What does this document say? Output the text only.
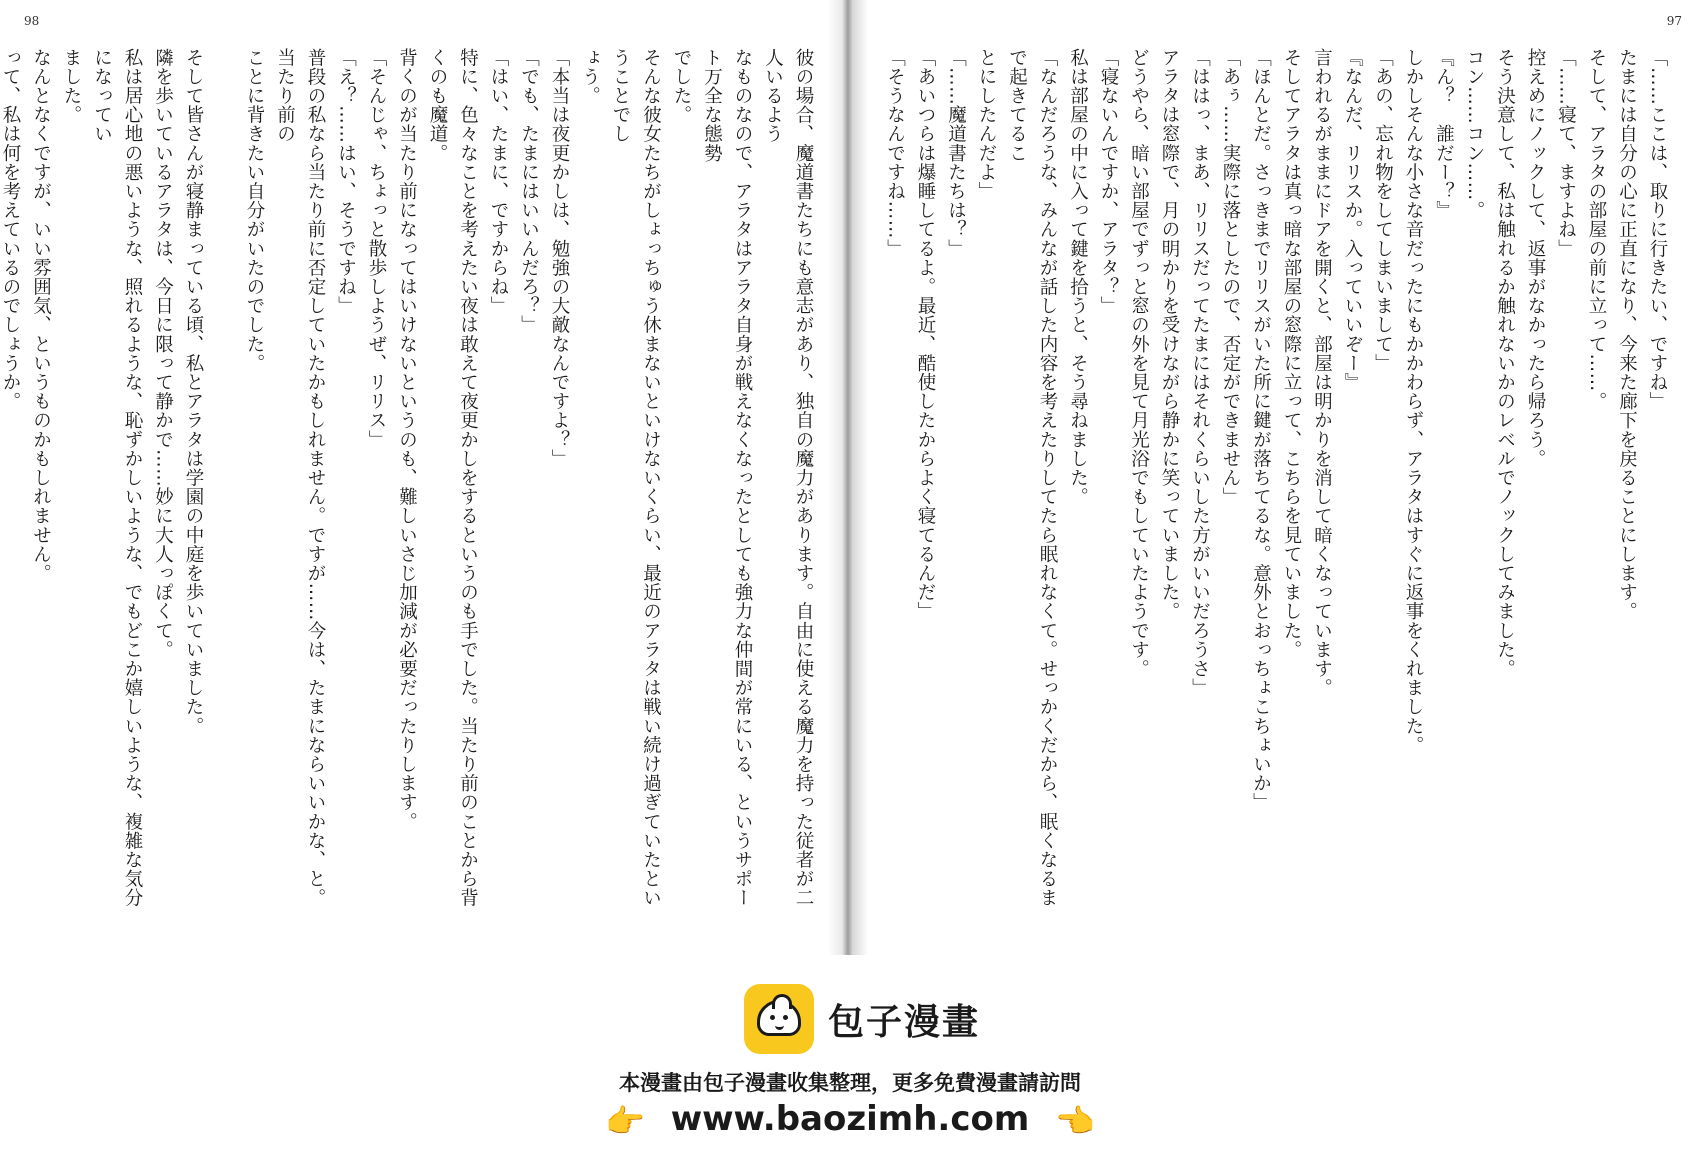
98

彼の場合、魔道書たちにも意志があり、独自の魔力があります。自由に使える魔力を持った従者が二人いるよう

なものなので、アラタはアラタ自身が戦えなくなったとしても強力な仲間が常にいる、というサポート万全な態勢

でした。

そんな彼女たちがしょっちゅう休まないといけないくらい、最近のアラタは戦い続け過ぎていたということでし

ょう。

「本当は夜更かしは、勉強の大敵なんですよ？」

「でも、たまにはいいんだろ？」

「はい、たまに、ですからね」

特に、色々なことを考えたい夜は敢えて夜更かしをするというのも手でした。当たり前のことから背くのも魔道。

背くのが当たり前になってはいけないというのも、難しいさじ加減が必要だったりします。

「そんじゃ、ちょっと散歩しようぜ、リリス」

「え？……はい、そうですね」

普段の私なら当たり前に否定していたかもしれません。ですが……今は、たまにならいいかな、と。当たり前の

ことに背きたい自分がいたのでした。

そして皆さんが寝静まっている頃、私とアラタは学園の中庭を歩いていました。

隣を歩いているアラタは、今日に限って静かで……妙に大人っぽくて。

私は居心地の悪いような、照れるような、恥ずかしいような、でもどこか嬉しいような、複雑な気分になってい

ました。

なんとなくですが、いい雰囲気、というものかもしれません。

って、私は何を考えているのでしょうか。

97

「……ここは、取りに行きたい、ですね」

たまには自分の心に正直になり、今来た廊下を戻ることにします。

そして、アラタの部屋の前に立って……。

「……寝て、ますよね」

控えめにノックして、返事がなかったら帰ろう。

そう決意して、私は触れるか触れないかのレベルでノックしてみました。

コン……コン……。

『ん？　誰だー？』

しかしそんな小さな音だったにもかかわらず、アラタはすぐに返事をくれました。

「あの、忘れ物をしてしまいまして」

『なんだ、リリスか。入っていいぞー』

言われるがままにドアを開くと、部屋は明かりを消して暗くなっています。

そしてアラタは真っ暗な部屋の窓際に立って、こちらを見ていました。

「ほんとだ。さっきまでリリスがいた所に鍵が落ちてるな。意外とおっちょこちょいか」

「あぅ……実際に落としたので、否定ができません」

「ははっ、まあ、リリスだってたまにはそれくらいした方がいいだろうさ」

アラタは窓際で、月の明かりを受けながら静かに笑っていました。

どうやら、暗い部屋でずっと窓の外を見て月光浴でもしていたようです。

「寝ないんですか、アラタ？」

私は部屋の中に入って鍵を拾うと、そう尋ねました。

「なんだろうな、みんなが話した内容を考えたりしてたら眠れなくて。せっかくだから、眠くなるまで起きてるこ

とにしたんだよ」

「……魔道書たちは？」

「あいつらは爆睡してるよ。最近、酷使したからよく寝てるんだ」

「そうなんですね……」

包子漫畫
本漫畫由包子漫畫收集整理，更多免費漫畫請訪問
👉 www.baozimh.com 👈
